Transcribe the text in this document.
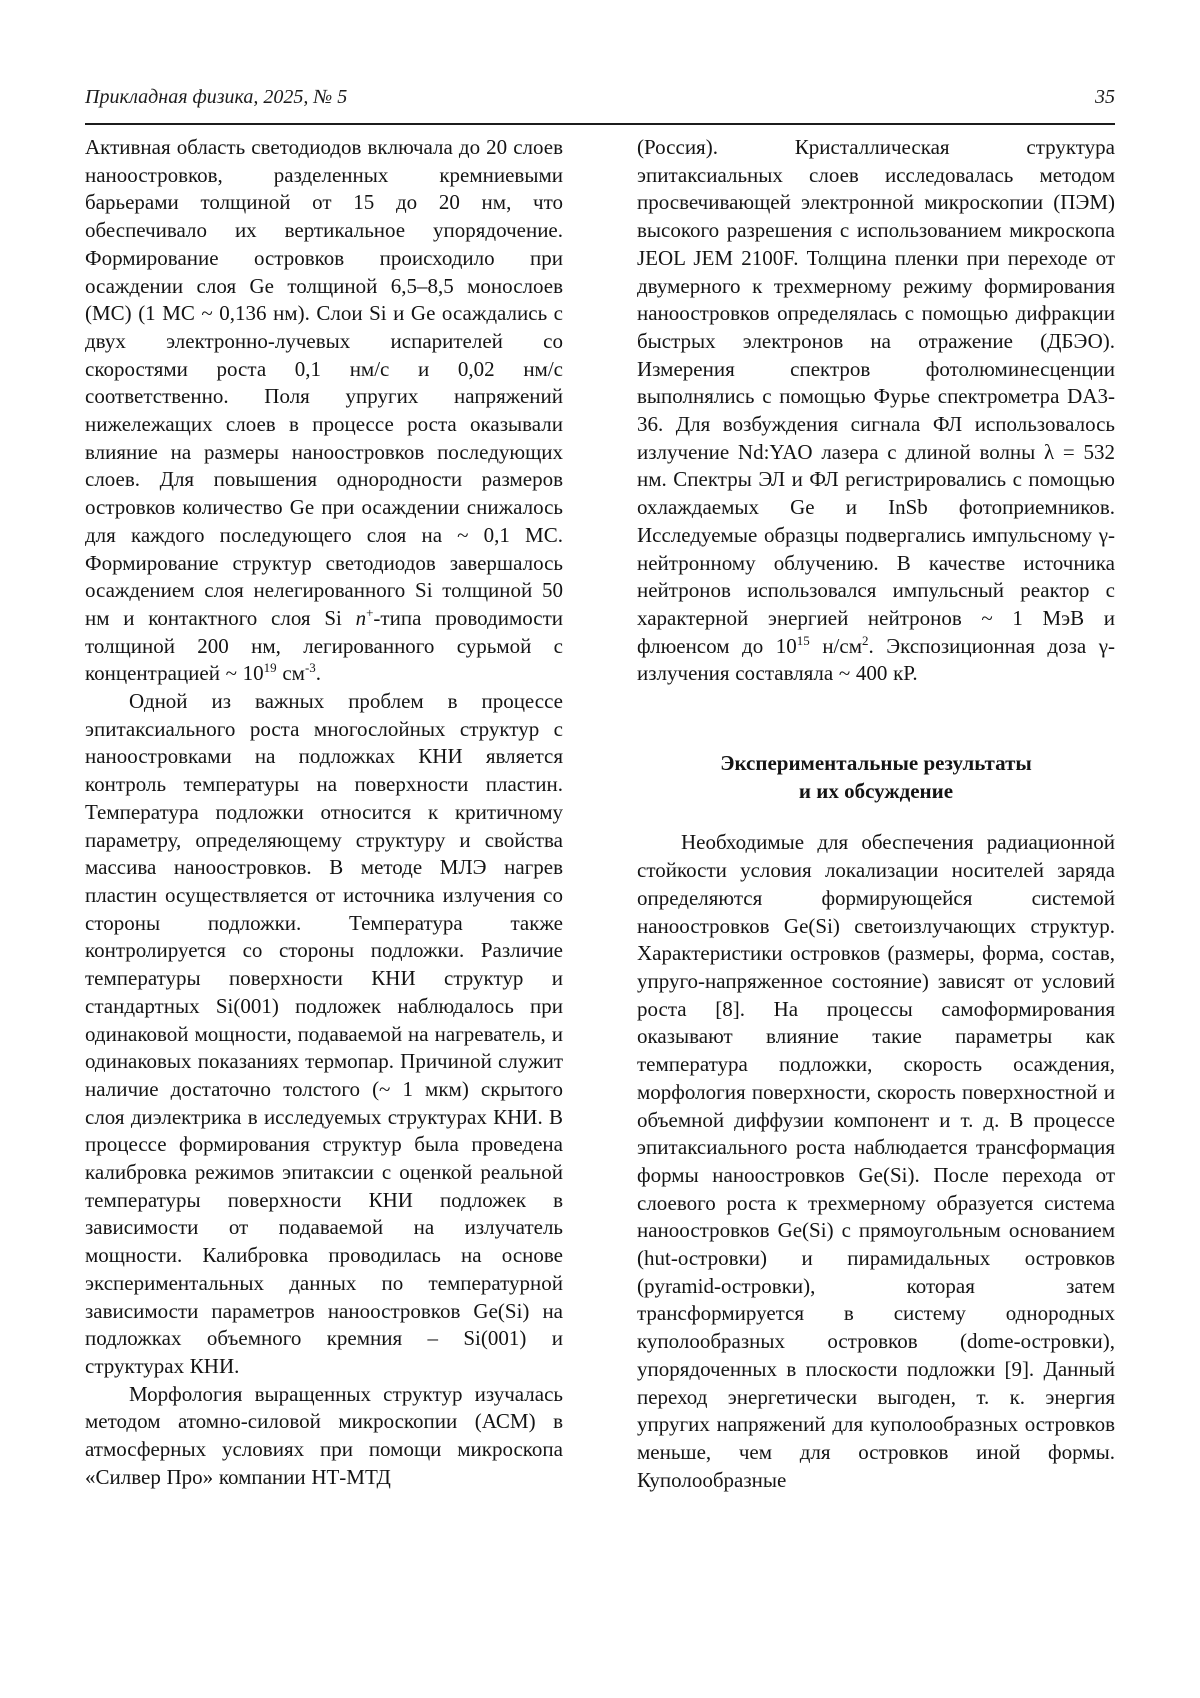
Прикладная физика, 2025, № 5	35

Активная область светодиодов включала до 20 слоев наноостровков, разделенных кремниевыми барьерами толщиной от 15 до 20 нм, что обеспечивало их вертикальное упорядочение. Формирование островков происходило при осаждении слоя Ge толщиной 6,5–8,5 монослоев (МС) (1 МС ~ 0,136 нм). Слои Si и Ge осаждались с двух электронно-лучевых испарителей со скоростями роста 0,1 нм/с и 0,02 нм/с соответственно. Поля упругих напряжений нижележащих слоев в процессе роста оказывали влияние на размеры наноостровков последующих слоев. Для повышения однородности размеров островков количество Ge при осаждении снижалось для каждого последующего слоя на ~ 0,1 МС. Формирование структур светодиодов завершалось осаждением слоя нелегированного Si толщиной 50 нм и контактного слоя Si n+-типа проводимости толщиной 200 нм, легированного сурьмой с концентрацией ~ $10^{19}$ $см^{-3}$.

Одной из важных проблем в процессе эпитаксиального роста многослойных структур с наноостровками на подложках КНИ является контроль температуры на поверхности пластин. Температура подложки относится к критичному параметру, определяющему структуру и свойства массива наноостровков. В методе МЛЭ нагрев пластин осуществляется от источника излучения со стороны подложки. Температура также контролируется со стороны подложки. Различие температуры поверхности КНИ структур и стандартных Si(001) подложек наблюдалось при одинаковой мощности, подаваемой на нагреватель, и одинаковых показаниях термопар. Причиной служит наличие достаточно толстого (~ 1 мкм) скрытого слоя диэлектрика в исследуемых структурах КНИ. В процессе формирования структур была проведена калибровка режимов эпитаксии с оценкой реальной температуры поверхности КНИ подложек в зависимости от подаваемой на излучатель мощности. Калибровка проводилась на основе экспериментальных данных по температурной зависимости параметров наноостровков Ge(Si) на подложках объемного кремния – Si(001) и структурах КНИ.

Морфология выращенных структур изучалась методом атомно-силовой микроскопии (АСМ) в атмосферных условиях при помощи микроскопа «Силвер Про» компании НТ-МТД

(Россия). Кристаллическая структура эпитаксиальных слоев исследовалась методом просвечивающей электронной микроскопии (ПЭМ) высокого разрешения с использованием микроскопа JEOL JEM 2100F. Толщина пленки при переходе от двумерного к трехмерному режиму формирования наноостровков определялась с помощью дифракции быстрых электронов на отражение (ДБЭО). Измерения спектров фотолюминесценции выполнялись с помощью Фурье спектрометра DA3-36. Для возбуждения сигнала ФЛ использовалось излучение Nd:YAO лазера с длиной волны λ = 532 нм. Спектры ЭЛ и ФЛ регистрировались с помощью охлаждаемых Ge и InSb фотоприемников. Исследуемые образцы подвергались импульсному γ-нейтронному облучению. В качестве источника нейтронов использовался импульсный реактор с характерной энергией нейтронов ~ 1 МэВ и флюенсом до $10^{15}$ $н/см^2$. Экспозиционная доза γ-излучения составляла ~ 400 кР.

Экспериментальные результаты
и их обсуждение

Необходимые для обеспечения радиационной стойкости условия локализации носителей заряда определяются формирующейся системой наноостровков Ge(Si) светоизлучающих структур. Характеристики островков (размеры, форма, состав, упруго-напряженное состояние) зависят от условий роста [8]. На процессы самоформирования оказывают влияние такие параметры как температура подложки, скорость осаждения, морфология поверхности, скорость поверхностной и объемной диффузии компонент и т. д. В процессе эпитаксиального роста наблюдается трансформация формы наноостровков Ge(Si). После перехода от слоевого роста к трехмерному образуется система наноостровков Ge(Si) с прямоугольным основанием (hut-островки) и пирамидальных островков (pyramid-островки), которая затем трансформируется в систему однородных куполообразных островков (dome-островки), упорядоченных в плоскости подложки [9]. Данный переход энергетически выгоден, т. к. энергия упругих напряжений для куполообразных островков меньше, чем для островков иной формы. Куполообразные
